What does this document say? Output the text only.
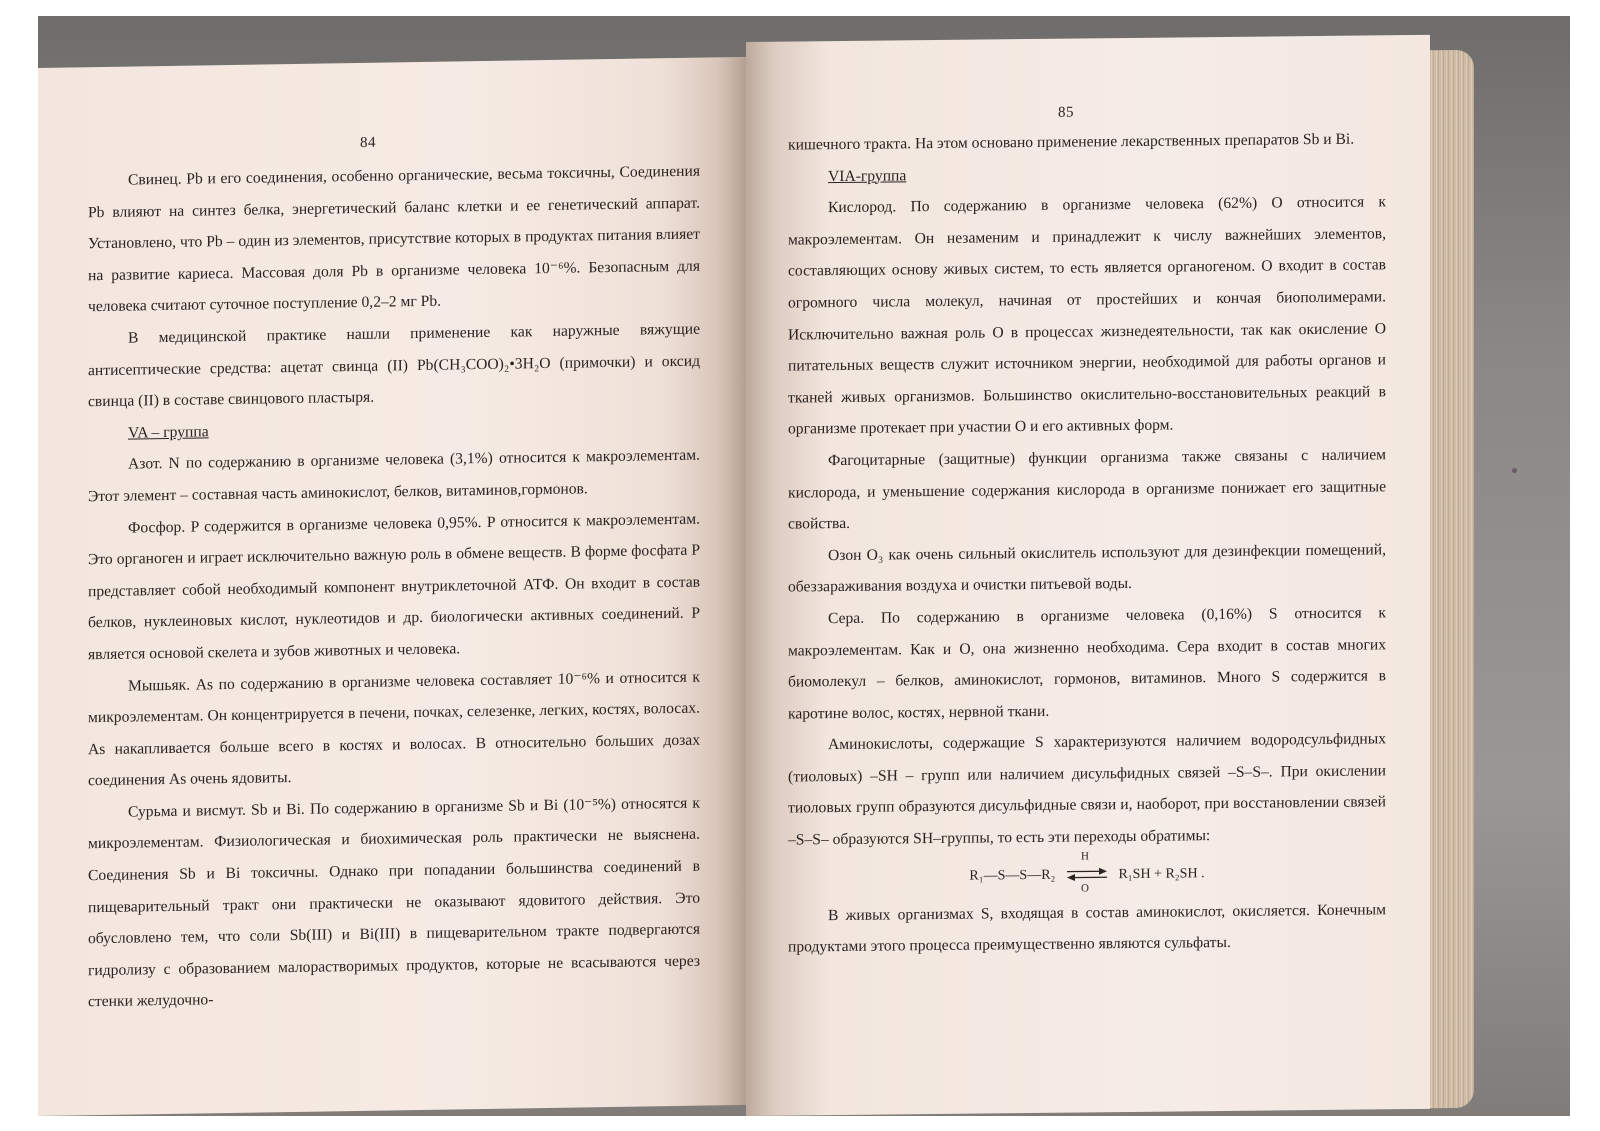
84

Свинец. Pb и его соединения, особенно органические, весьма токсичны, Соединения Pb влияют на синтез белка, энергетический баланс клетки и ее генетический аппарат. Установлено, что Pb – один из элементов, присутствие которых в продуктах питания влияет на развитие кариеса. Массовая доля Pb в организме человека 10⁻⁶%. Безопасным для человека считают суточное поступление 0,2–2 мг Pb.

В медицинской практике нашли применение как наружные вяжущие антисептические средства: ацетат свинца (II) Pb(CH₃COO)₂•3H₂O (примочки) и оксид свинца (II) в составе свинцового пластыря.

VA – группа

Азот. N по содержанию в организме человека (3,1%) относится к макроэлементам. Этот элемент – составная часть аминокислот, белков, витаминов,гормонов.

Фосфор. P содержится в организме человека 0,95%. P относится к макроэлементам. Это органоген и играет исключительно важную роль в обмене веществ. В форме фосфата P представляет собой необходимый компонент внутриклеточной АТФ. Он входит в состав белков, нуклеиновых кислот, нуклеотидов и др. биологически активных соединений. P является основой скелета и зубов животных и человека.

Мышьяк. As по содержанию в организме человека составляет 10⁻⁶% и относится к микроэлементам. Он концентрируется в печени, почках, селезенке, легких, костях, волосах. As накапливается больше всего в костях и волосах. В относительно больших дозах соединения As очень ядовиты.

Сурьма и висмут. Sb и Bi. По содержанию в организме Sb и Bi (10⁻⁵%) относятся к микроэлементам. Физиологическая и биохимическая роль практически не выяснена. Соединения Sb и Bi токсичны. Однако при попадании большинства соединений в пищеварительный тракт они практически не оказывают ядовитого действия. Это обусловлено тем, что соли Sb(III) и Bi(III) в пищеварительном тракте подвергаются гидролизу с образованием малорастворимых продуктов, которые не всасываются через стенки желудочно-

85

кишечного тракта. На этом основано применение лекарственных препаратов Sb и Bi.

VIA-группа

Кислород. По содержанию в организме человека (62%) O относится к макроэлементам. Он незаменим и принадлежит к числу важнейших элементов, составляющих основу живых систем, то есть является органогеном. O входит в состав огромного числа молекул, начиная от простейших и кончая биополимерами. Исключительно важная роль O в процессах жизнедеятельности, так как окисление O питательных веществ служит источником энергии, необходимой для работы органов и тканей живых организмов. Большинство окислительно-восстановительных реакций в организме протекает при участии O и его активных форм.

Фагоцитарные (защитные) функции организма также связаны с наличием кислорода, и уменьшение содержания кислорода в организме понижает его защитные свойства.

Озон O₃ как очень сильный окислитель используют для дезинфекции помещений, обеззараживания воздуха и очистки питьевой воды.

Сера. По содержанию в организме человека (0,16%) S относится к макроэлементам. Как и O, она жизненно необходима. Сера входит в состав многих биомолекул – белков, аминокислот, гормонов, витаминов. Много S содержится в каротине волос, костях, нервной ткани.

Аминокислоты, содержащие S характеризуются наличием водородсульфидных (тиоловых) –SH – групп или наличием дисульфидных связей –S–S–. При окислении тиоловых групп образуются дисульфидные связи и, наоборот, при восстановлении связей –S–S– образуются SH–группы, то есть эти переходы обратимы:

R₁—S—S—R₂
H
O
R₁SH + R₂SH .

В живых организмах S, входящая в состав аминокислот, окисляется. Конечным продуктами этого процесса преимущественно являются сульфаты.
